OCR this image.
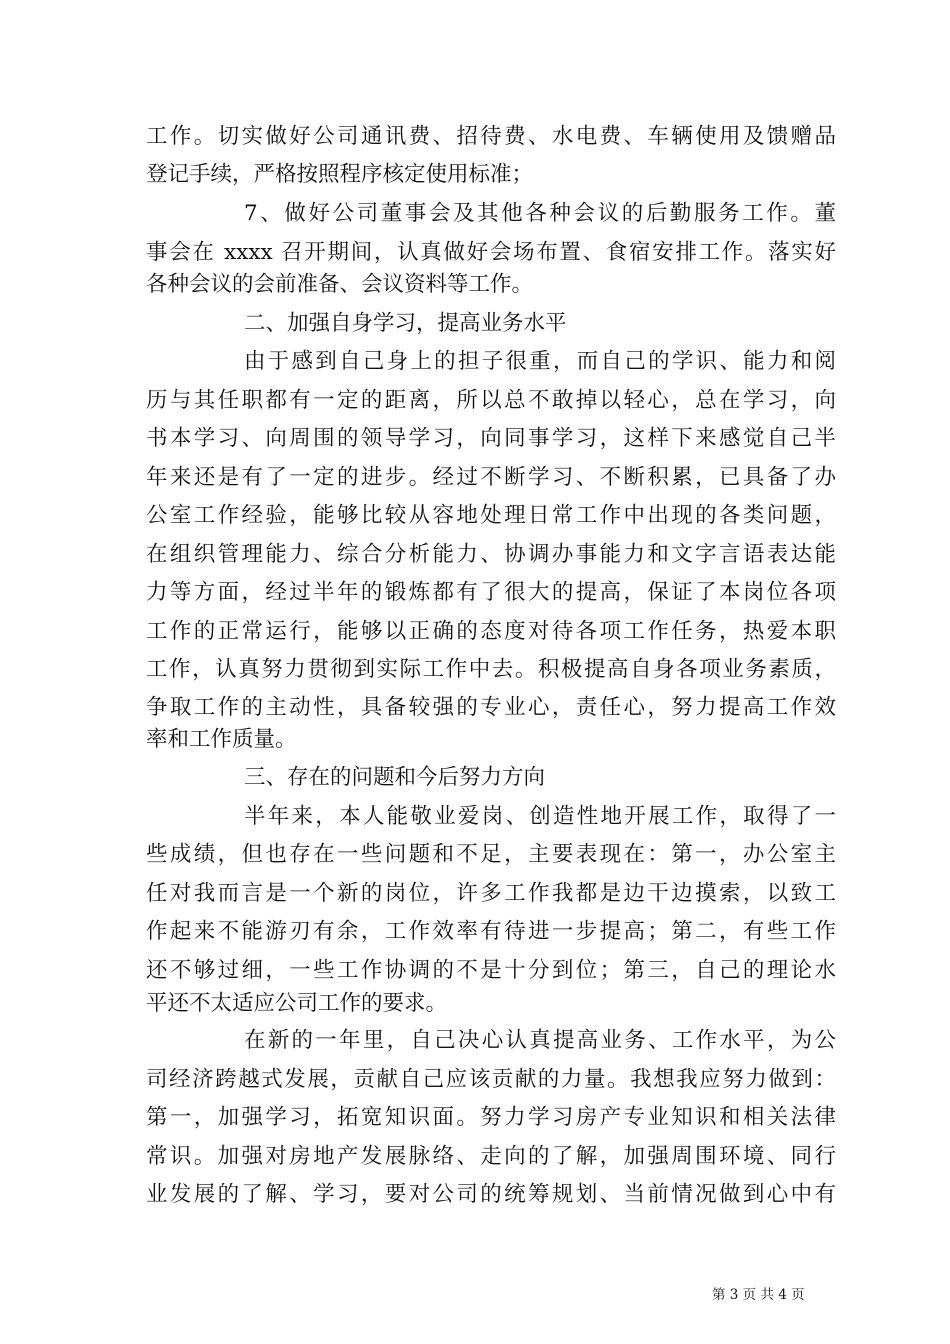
工作。切实做好公司通讯费、招待费、水电费、车辆使用及馈赠品
登记手续，严格按照程序核定使用标准；
7、做好公司董事会及其他各种会议的后勤服务工作。董
事会在 xxxx 召开期间，认真做好会场布置、食宿安排工作。落实好
各种会议的会前准备、会议资料等工作。
二、加强自身学习，提高业务水平
由于感到自己身上的担子很重，而自己的学识、能力和阅
历与其任职都有一定的距离，所以总不敢掉以轻心，总在学习，向
书本学习、向周围的领导学习，向同事学习，这样下来感觉自己半
年来还是有了一定的进步。经过不断学习、不断积累，已具备了办
公室工作经验，能够比较从容地处理日常工作中出现的各类问题，
在组织管理能力、综合分析能力、协调办事能力和文字言语表达能
力等方面，经过半年的锻炼都有了很大的提高，保证了本岗位各项
工作的正常运行，能够以正确的态度对待各项工作任务，热爱本职
工作，认真努力贯彻到实际工作中去。积极提高自身各项业务素质，
争取工作的主动性，具备较强的专业心，责任心，努力提高工作效
率和工作质量。
三、存在的问题和今后努力方向
半年来，本人能敬业爱岗、创造性地开展工作，取得了一
些成绩，但也存在一些问题和不足，主要表现在：第一，办公室主
任对我而言是一个新的岗位，许多工作我都是边干边摸索，以致工
作起来不能游刃有余，工作效率有待进一步提高；第二，有些工作
还不够过细，一些工作协调的不是十分到位；第三，自己的理论水
平还不太适应公司工作的要求。
在新的一年里，自己决心认真提高业务、工作水平，为公
司经济跨越式发展，贡献自己应该贡献的力量。我想我应努力做到：
第一，加强学习，拓宽知识面。努力学习房产专业知识和相关法律
常识。加强对房地产发展脉络、走向的了解，加强周围环境、同行
业发展的了解、学习，要对公司的统筹规划、当前情况做到心中有
第 3 页 共 4 页
